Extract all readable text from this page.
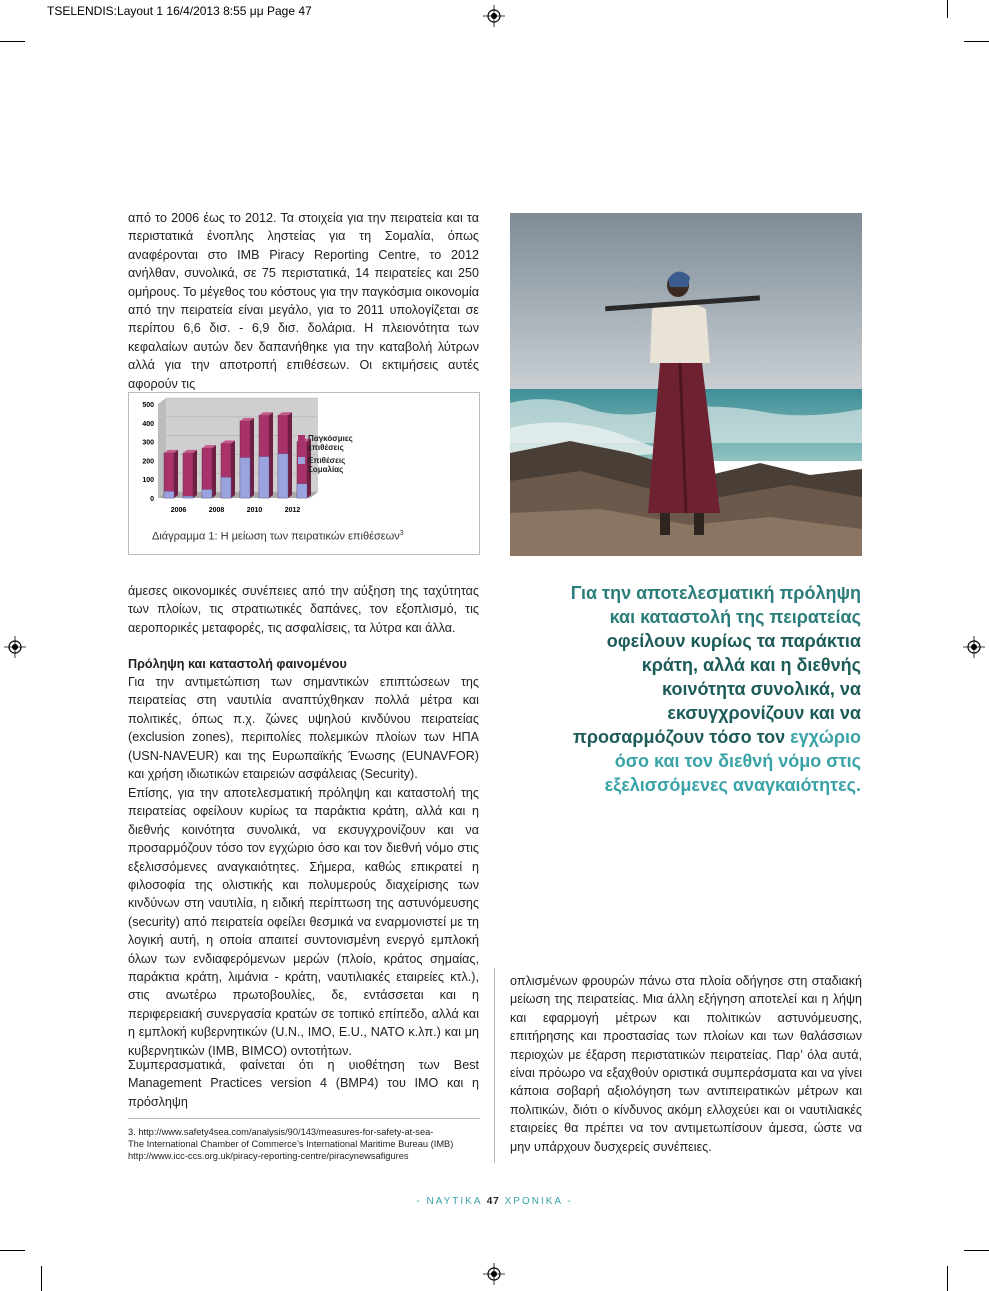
TSELENDIS:Layout 1 16/4/2013 8:55 μμ Page 47

από το 2006 έως το 2012. Τα στοιχεία για την πειρατεία και τα περιστατικά ένοπλης ληστείας για τη Σομαλία, όπως αναφέρονται στο IMB Piracy Reporting Centre, το 2012 ανήλθαν, συνολικά, σε 75 περιστατικά, 14 πειρατείες και 250 ομήρους. Το μέγεθος του κόστους για την παγκόσμια οικονομία από την πειρατεία είναι μεγάλο, για το 2011 υπολογίζεται σε περίπου 6,6 δισ. - 6,9 δισ. δολάρια. Η πλειονότητα των κεφαλαίων αυτών δεν δαπανήθηκε για την καταβολή λύτρων αλλά για την αποτροπή επιθέσεων. Οι εκτιμήσεις αυτές αφορούν τις

0
100
200
300
400
500
2006	2008	2010	2012
Παγκόσμιες επιθέσεις
Επιθέσεις Σομαλίας
Διάγραμμα 1: Η μείωση των πειρατικών επιθέσεων$^3$

άμεσες οικονομικές συνέπειες από την αύξηση της ταχύτητας των πλοίων, τις στρατιωτικές δαπάνες, τον εξοπλισμό, τις αεροπορικές μεταφορές, τις ασφαλίσεις, τα λύτρα και άλλα.

Πρόληψη και καταστολή φαινομένου

Για την αντιμετώπιση των σημαντικών επιπτώσεων της πειρατείας στη ναυτιλία αναπτύχθηκαν πολλά μέτρα και πολιτικές, όπως π.χ. ζώνες υψηλού κινδύνου πειρατείας (exclusion zones), περιπολίες πολεμικών πλοίων των ΗΠΑ (USN-NAVEUR) και της Ευρωπαϊκής Ένωσης (EUNAVFOR) και χρήση ιδιωτικών εταιρειών ασφάλειας (Security).

Επίσης, για την αποτελεσματική πρόληψη και καταστολή της πειρατείας οφείλουν κυρίως τα παράκτια κράτη, αλλά και η διεθνής κοινότητα συνολικά, να εκσυγχρονίζουν και να προσαρμόζουν τόσο τον εγχώριο όσο και τον διεθνή νόμο στις εξελισσόμενες αναγκαιότητες. Σήμερα, καθώς επικρατεί η φιλοσοφία της ολιστικής και πολυμερούς διαχείρισης των κινδύνων στη ναυτιλία, η ειδική περίπτωση της αστυνόμευσης (security) από πειρατεία οφείλει θεσμικά να εναρμονιστεί με τη λογική αυτή, η οποία απαιτεί συντονισμένη ενεργό εμπλοκή όλων των ενδιαφερόμενων μερών (πλοίο, κράτος σημαίας, παράκτια κράτη, λιμάνια - κράτη, ναυτιλιακές εταιρείες κτλ.), στις ανωτέρω πρωτοβουλίες, δε, εντάσσεται και η περιφερειακή συνεργασία κρατών σε τοπικό επίπεδο, αλλά και η εμπλοκή κυβερνητικών (U.N., IMO, E.U., NATO κ.λπ.) και μη κυβερνητικών (IMB, BIMCO) οντοτήτων.

Συμπερασματικά, φαίνεται ότι η υιοθέτηση των Best Management Practices version 4 (BMP4) του IMO και η πρόσληψη

Για την αποτελεσματική πρόληψη και καταστολή της πειρατείας οφείλουν κυρίως τα παράκτια κράτη, αλλά και η διεθνής κοινότητα συνολικά, να εκσυγχρονίζουν και να προσαρμόζουν τόσο τον εγχώριο όσο και τον διεθνή νόμο στις εξελισσόμενες αναγκαιότητες.

οπλισμένων φρουρών πάνω στα πλοία οδήγησε στη σταδιακή μείωση της πειρατείας. Μια άλλη εξήγηση αποτελεί και η λήψη και εφαρμογή μέτρων και πολιτικών αστυνόμευσης, επιτήρησης και προστασίας των πλοίων και των θαλάσσιων περιοχών με έξαρση περιστατικών πειρατείας. Παρ’ όλα αυτά, είναι πρόωρο να εξαχθούν οριστικά συμπεράσματα και να γίνει κάποια σοβαρή αξιολόγηση των αντιπειρατικών μέτρων και πολιτικών, διότι ο κίνδυνος ακόμη ελλοχεύει και οι ναυτιλιακές εταιρείες θα πρέπει να τον αντιμετωπίσουν άμεσα, ώστε να μην υπάρχουν δυσχερείς συνέπειες.

3. http://www.safety4sea.com/analysis/90/143/measures-for-safety-at-sea-
The International Chamber of Commerce’s International Maritime Bureau (IMB)
http://www.icc-ccs.org.uk/piracy-reporting-centre/piracynewsafigures
- ΝΑΥΤΙΚΑ 47 ΧΡΟΝΙΚΑ -
